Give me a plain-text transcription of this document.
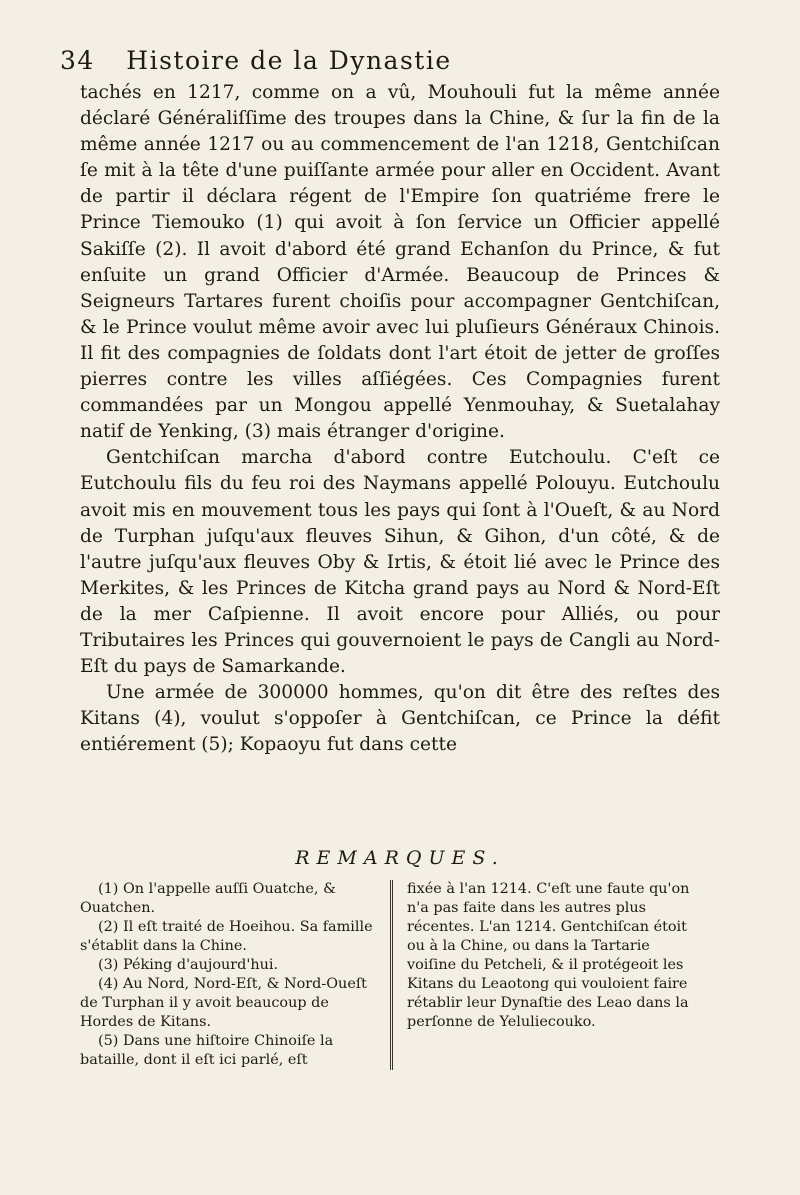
34 Histoire de la Dynastie

tachés en 1217, comme on a vû, Mouhouli fut la même année déclaré Généraliſſime des troupes dans la Chine, & ſur la fin de la même année 1217 ou au commencement de l'an 1218, Gentchiſcan ſe mit à la tête d'une puiſſante armée pour aller en Occident. Avant de partir il déclara régent de l'Empire ſon quatriéme frere le Prince Tiemouko (1) qui avoit à ſon ſervice un Officier appellé Sakiſſe (2). Il avoit d'abord été grand Echanſon du Prince, & fut enſuite un grand Officier d'Armée. Beaucoup de Princes & Seigneurs Tartares furent choiſis pour accompagner Gentchiſcan, & le Prince voulut même avoir avec lui pluſieurs Généraux Chinois. Il fit des compagnies de ſoldats dont l'art étoit de jetter de groſſes pierres contre les villes aſſiégées. Ces Compagnies furent commandées par un Mongou appellé Yenmouhay, & Suetalahay natif de Yenking, (3) mais étranger d'origine.

Gentchiſcan marcha d'abord contre Eutchoulu. C'eſt ce Eutchoulu fils du feu roi des Naymans appellé Polouyu. Eutchoulu avoit mis en mouvement tous les pays qui ſont à l'Oueſt, & au Nord de Turphan juſqu'aux fleuves Sihun, & Gihon, d'un côté, & de l'autre juſqu'aux fleuves Oby & Irtis, & étoit lié avec le Prince des Merkites, & les Princes de Kitcha grand pays au Nord & Nord-Eſt de la mer Caſpienne. Il avoit encore pour Alliés, ou pour Tributaires les Princes qui gouvernoient le pays de Cangli au Nord-Eſt du pays de Samarkande.

Une armée de 300000 hommes, qu'on dit être des reſtes des Kitans (4), voulut s'oppoſer à Gentchiſcan, ce Prince la défit entiérement (5); Kopaoyu fut dans cette

REMARQUES.

(1) On l'appelle auſſi Ouatche, & Ouatchen.

(2) Il eſt traité de Hoeihou. Sa famille s'établit dans la Chine.

(3) Péking d'aujourd'hui.

(4) Au Nord, Nord-Eſt, & Nord-Oueſt de Turphan il y avoit beaucoup de Hordes de Kitans.

(5) Dans une hiſtoire Chinoiſe la bataille, dont il eſt ici parlé, eſt

fixée à l'an 1214. C'eſt une faute qu'on n'a pas faite dans les autres plus récentes. L'an 1214. Gentchiſcan étoit ou à la Chine, ou dans la Tartarie voiſine du Petcheli, & il protégeoit les Kitans du Leaotong qui vouloient faire rétablir leur Dynaſtie des Leao dans la perſonne de Yeluliecouko.
